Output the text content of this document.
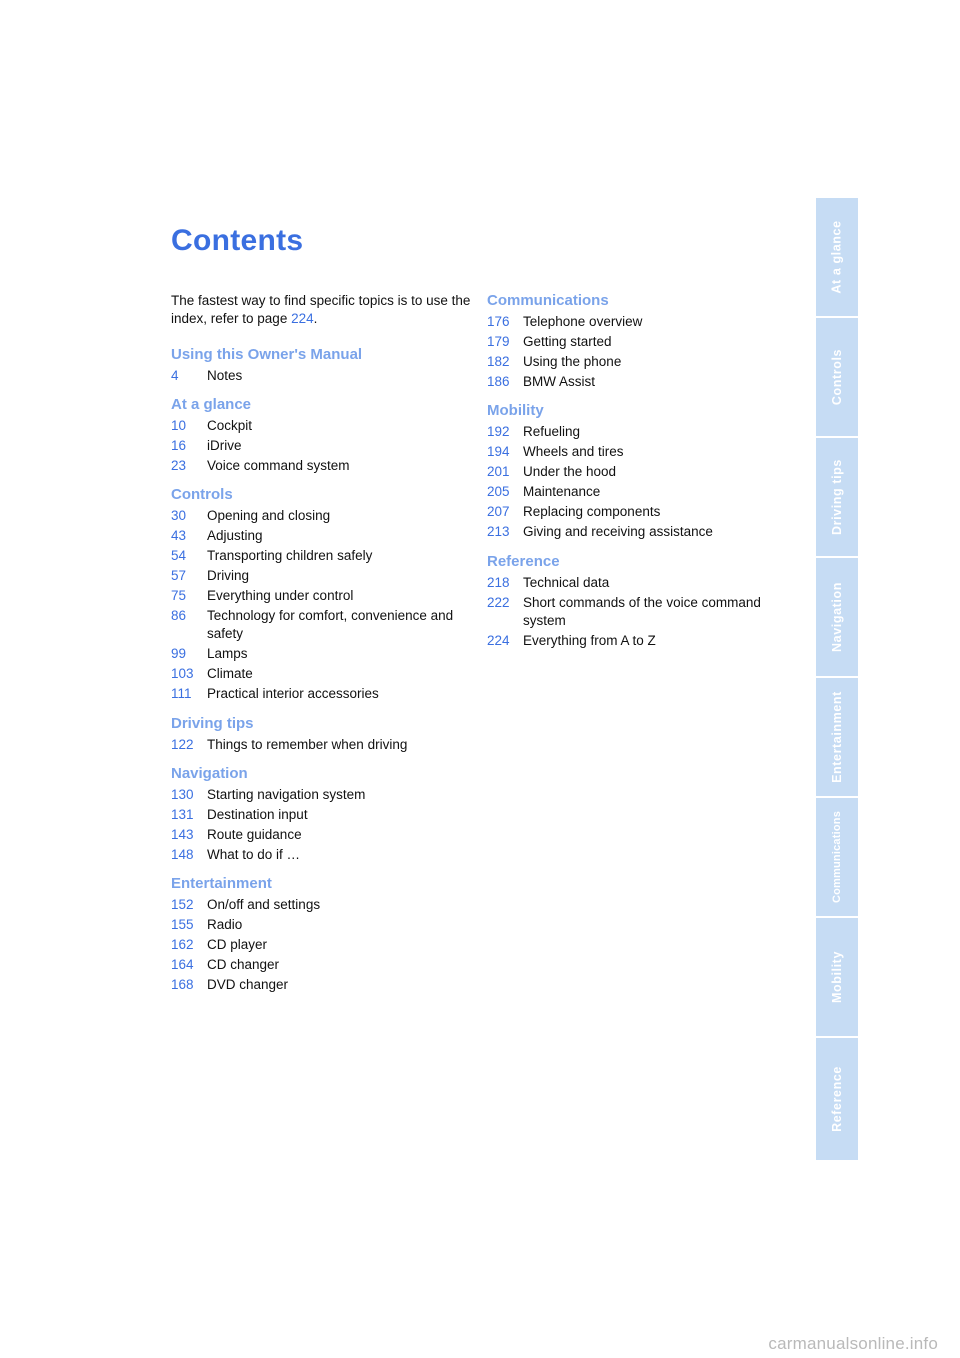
Contents

The fastest way to find specific topics is to use the index, refer to page 224.

Using this Owner's Manual
4	Notes
At a glance
10	Cockpit
16	iDrive
23	Voice command system
Controls
30	Opening and closing
43	Adjusting
54	Transporting children safely
57	Driving
75	Everything under control
86	Technology for comfort, convenience and safety
99	Lamps
103 Climate
111	Practical interior accessories
Driving tips
122 Things to remember when driving
Navigation
130 Starting navigation system
131 Destination input
143 Route guidance
148 What to do if …
Entertainment
152 On/off and settings
155 Radio
162 CD player
164 CD changer
168 DVD changer
Communications
176 Telephone overview
179 Getting started
182 Using the phone
186 BMW Assist
Mobility
192 Refueling
194 Wheels and tires
201 Under the hood
205 Maintenance
207 Replacing components
213 Giving and receiving assistance
Reference
218 Technical data
222 Short commands of the voice command system
224 Everything from A to Z
At a glance
Controls
Driving tips
Navigation
Entertainment
Communications
Mobility
Reference
carmanualsonline.info
